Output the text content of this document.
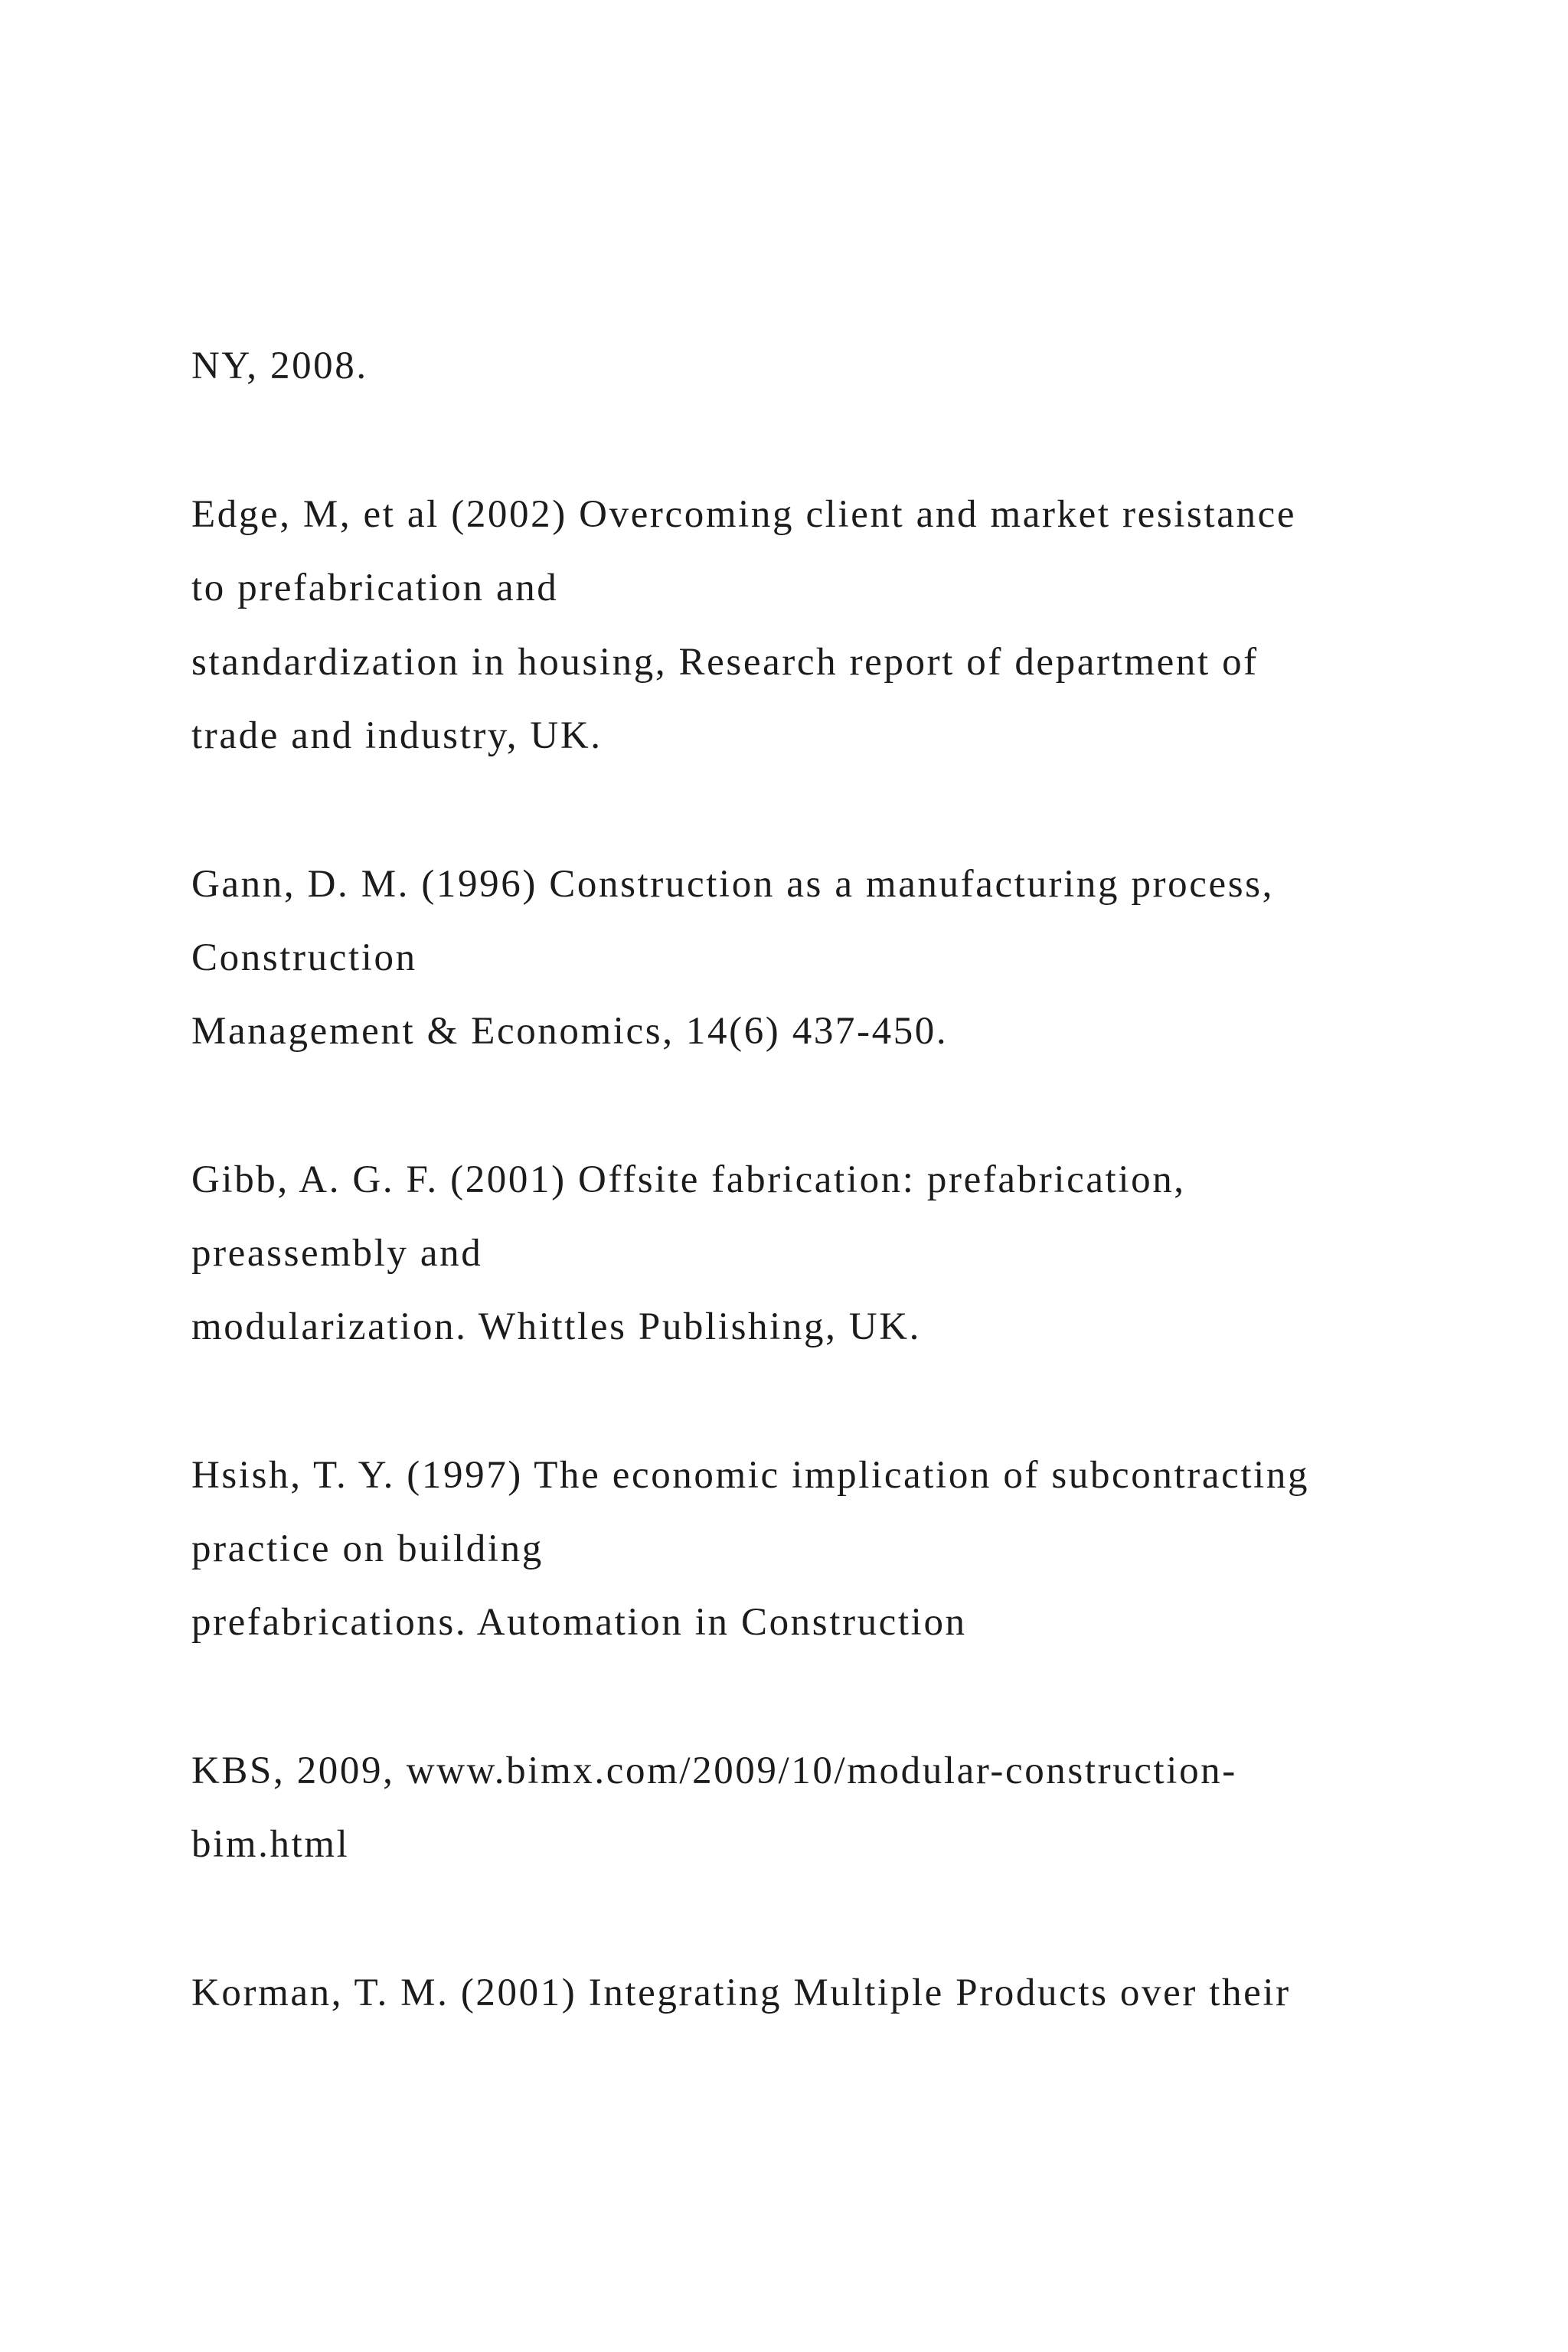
NY, 2008.

Edge, M, et al (2002) Overcoming client and market resistance

to prefabrication and

standardization in housing, Research report of department of

trade and industry, UK.

Gann, D. M. (1996) Construction as a manufacturing process,

Construction

Management & Economics, 14(6) 437-450.

Gibb, A. G. F. (2001) Offsite fabrication: prefabrication,

preassembly and

modularization. Whittles Publishing, UK.

Hsish, T. Y. (1997) The economic implication of subcontracting

practice on building

prefabrications. Automation in Construction

KBS, 2009, www.bimx.com/2009/10/modular-construction-

bim.html

Korman, T. M. (2001) Integrating Multiple Products over their
